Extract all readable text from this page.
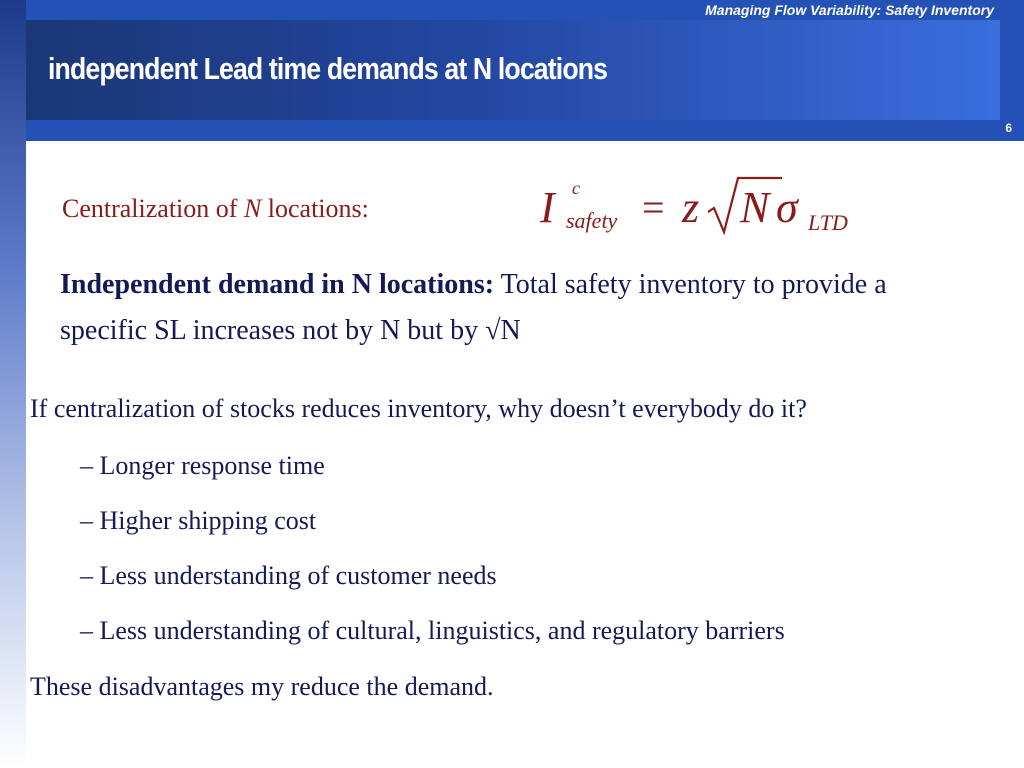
Managing Flow Variability: Safety Inventory
independent Lead time demands at N locations
6
Centralization of N locations:	I c
safety = z N σ LTD
Independent demand in N locations: Total safety inventory to provide a specific SL increases not by N but by √N
If centralization of stocks reduces inventory, why doesn’t everybody do it?
– Longer response time
– Higher shipping cost
– Less understanding of customer needs
– Less understanding of cultural, linguistics, and regulatory barriers
These disadvantages my reduce the demand.
